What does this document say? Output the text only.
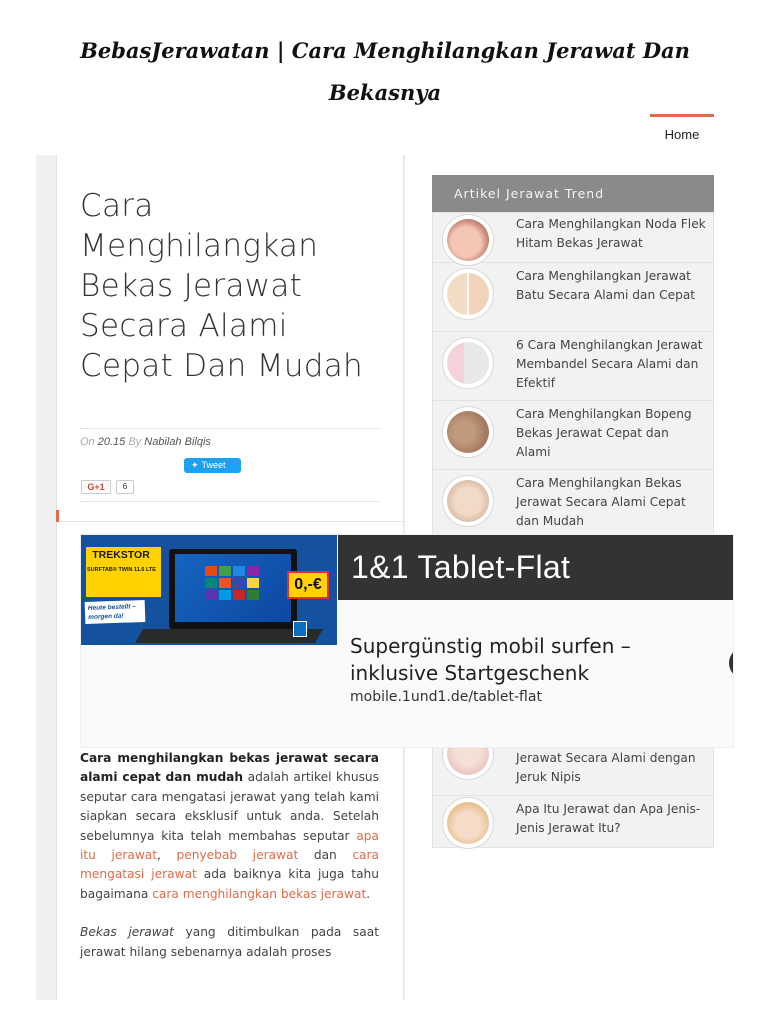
BebasJerawatan | Cara Menghilangkan Jerawat Dan Bekasnya
Home
Cara Menghilangkan Bekas Jerawat Secara Alami Cepat Dan Mudah
On 20.15 By Nabilah Bilqis
✦ Tweet
G+1	6

Cara menghilangkan bekas jerawat secara alami cepat dan mudah adalah artikel khusus seputar cara mengatasi jerawat yang telah kami siapkan secara eksklusif untuk anda. Setelah sebelumnya kita telah membahas seputar apa itu jerawat, penyebab jerawat dan cara mengatasi jerawat ada baiknya kita juga tahu bagaimana cara menghilangkan bekas jerawat.

Bekas jerawat yang ditimbulkan pada saat jerawat hilang sebenarnya adalah proses

Artikel Jerawat Trend
Cara Menghilangkan Noda Flek Hitam Bekas Jerawat
Cara Menghilangkan Jerawat Batu Secara Alami dan Cepat
6 Cara Menghilangkan Jerawat Membandel Secara Alami dan Efektif
Cara Menghilangkan Bopeng Bekas Jerawat Cepat dan Alami
Cara Menghilangkan Bekas Jerawat Secara Alami Cepat dan Mudah
Jerawat Secara Alami dengan Jeruk Nipis
Apa Itu Jerawat dan Apa Jenis-Jenis Jerawat Itu?
TREKSTOR
SURFTAB® TWIN 11.6 LTE
Heute bestellt – morgen da!
0,-€ 1&1 Tablet-Flat
Supergünstig mobil surfen – inklusive Startgeschenk
mobile.1und1.de/tablet-flat
